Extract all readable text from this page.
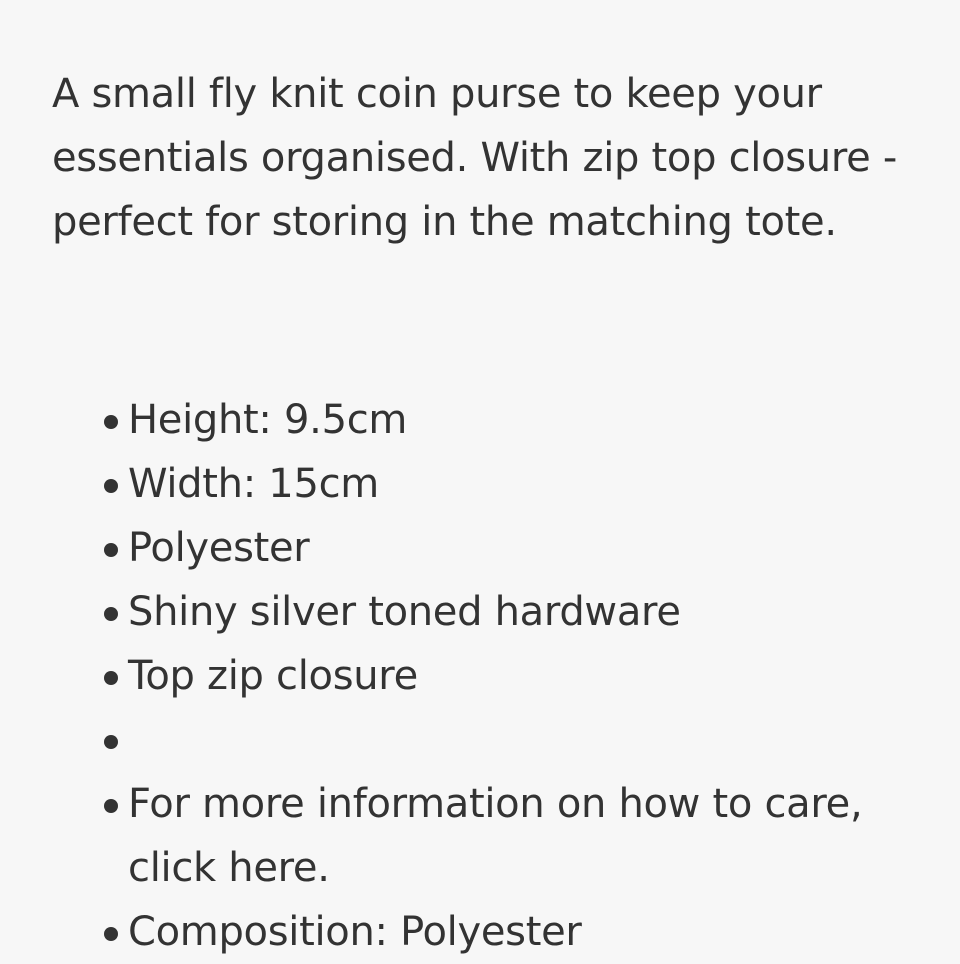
A small fly knit coin purse to keep your essentials organised. With zip top closure - perfect for storing in the matching tote.

Height: 9.5cm
Width: 15cm
Polyester
Shiny silver toned hardware
Top zip closure
For more information on how to care, click here.
Composition: Polyester
